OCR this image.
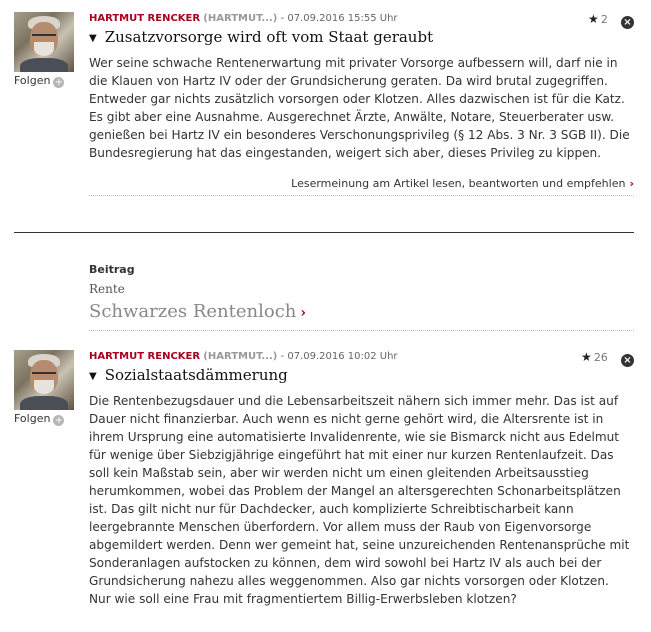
Folgen +
HARTMUT RENCKER (HARTMUT...) - 07.09.2016 15:55 Uhr	★ 2 ×
▼ Zusatzvorsorge wird oft vom Staat geraubt
Wer seine schwache Rentenerwartung mit privater Vorsorge aufbessern will, darf nie in die Klauen von Hartz IV oder der Grundsicherung geraten. Da wird brutal zugegriffen. Entweder gar nichts zusätzlich vorsorgen oder Klotzen. Alles dazwischen ist für die Katz. Es gibt aber eine Ausnahme. Ausgerechnet Ärzte, Anwälte, Notare, Steuerberater usw. genießen bei Hartz IV ein besonderes Verschonungsprivileg (§ 12 Abs. 3 Nr. 3 SGB II). Die Bundesregierung hat das eingestanden, weigert sich aber, dieses Privileg zu kippen.
Lesermeinung am Artikel lesen, beantworten und empfehlen ›
Beitrag
Rente
Schwarzes Rentenloch ›
Folgen +
HARTMUT RENCKER (HARTMUT...) - 07.09.2016 10:02 Uhr	★ 26 ×
▼ Sozialstaatsdämmerung
Die Rentenbezugsdauer und die Lebensarbeitszeit nähern sich immer mehr. Das ist auf Dauer nicht finanzierbar. Auch wenn es nicht gerne gehört wird, die Altersrente ist in ihrem Ursprung eine automatisierte Invalidenrente, wie sie Bismarck nicht aus Edelmut für wenige über Siebzigjährige eingeführt hat mit einer nur kurzen Rentenlaufzeit. Das soll kein Maßstab sein, aber wir werden nicht um einen gleitenden Arbeitsausstieg herumkommen, wobei das Problem der Mangel an altersgerechten Schonarbeitsplätzen ist. Das gilt nicht nur für Dachdecker, auch komplizierte Schreibtischarbeit kann leergebrannte Menschen überfordern. Vor allem muss der Raub von Eigenvorsorge abgemildert werden. Denn wer gemeint hat, seine unzureichenden Rentenansprüche mit Sonderanlagen aufstocken zu können, dem wird sowohl bei Hartz IV als auch bei der Grundsicherung nahezu alles weggenommen. Also gar nichts vorsorgen oder Klotzen. Nur wie soll eine Frau mit fragmentiertem Billig-Erwerbsleben klotzen?
